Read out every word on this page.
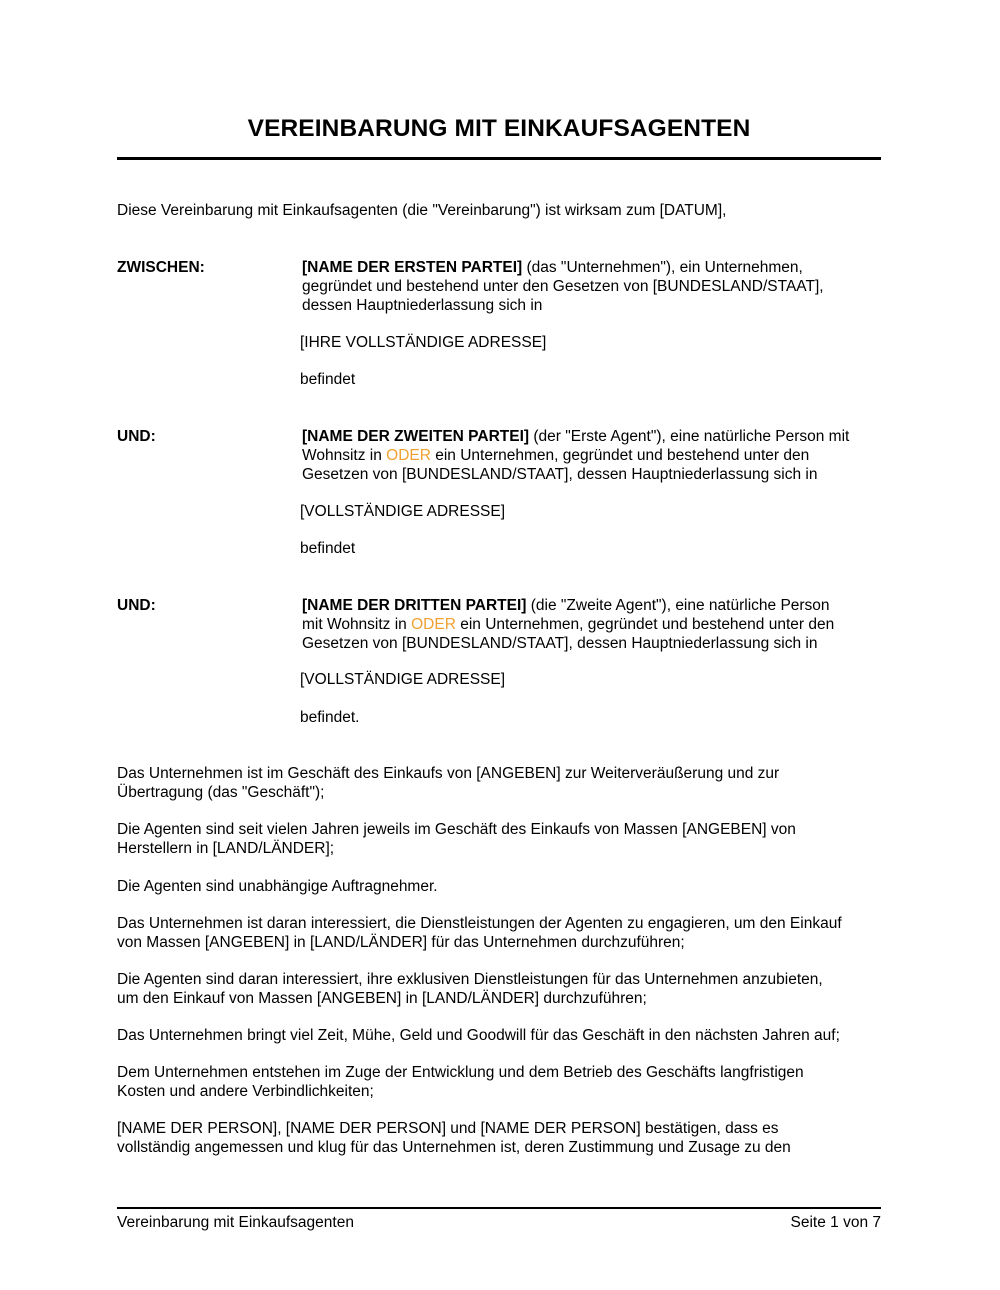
VEREINBARUNG MIT EINKAUFSAGENTEN

Diese Vereinbarung mit Einkaufsagenten (die "Vereinbarung") ist wirksam zum [DATUM],

ZWISCHEN:	[NAME DER ERSTEN PARTEI] (das "Unternehmen"), ein Unternehmen,
gegründet und bestehend unter den Gesetzen von [BUNDESLAND/STAAT],
dessen Hauptniederlassung sich in

[IHRE VOLLSTÄNDIGE ADRESSE]
befindet
UND:	[NAME DER ZWEITEN PARTEI] (der "Erste Agent"), eine natürliche Person mit
Wohnsitz in ODER ein Unternehmen, gegründet und bestehend unter den
Gesetzen von [BUNDESLAND/STAAT], dessen Hauptniederlassung sich in

[VOLLSTÄNDIGE ADRESSE]
befindet
UND:	[NAME DER DRITTEN PARTEI] (die "Zweite Agent"), eine natürliche Person
mit Wohnsitz in ODER ein Unternehmen, gegründet und bestehend unter den
Gesetzen von [BUNDESLAND/STAAT], dessen Hauptniederlassung sich in

[VOLLSTÄNDIGE ADRESSE]
befindet.

Das Unternehmen ist im Geschäft des Einkaufs von [ANGEBEN] zur Weiterveräußerung und zur
Übertragung (das "Geschäft");

Die Agenten sind seit vielen Jahren jeweils im Geschäft des Einkaufs von Massen [ANGEBEN] von
Herstellern in [LAND/LÄNDER];

Die Agenten sind unabhängige Auftragnehmer.

Das Unternehmen ist daran interessiert, die Dienstleistungen der Agenten zu engagieren, um den Einkauf
von Massen [ANGEBEN] in [LAND/LÄNDER] für das Unternehmen durchzuführen;

Die Agenten sind daran interessiert, ihre exklusiven Dienstleistungen für das Unternehmen anzubieten,
um den Einkauf von Massen [ANGEBEN] in [LAND/LÄNDER] durchzuführen;

Das Unternehmen bringt viel Zeit, Mühe, Geld und Goodwill für das Geschäft in den nächsten Jahren auf;

Dem Unternehmen entstehen im Zuge der Entwicklung und dem Betrieb des Geschäfts langfristigen
Kosten und andere Verbindlichkeiten;

[NAME DER PERSON], [NAME DER PERSON] und [NAME DER PERSON] bestätigen, dass es
vollständig angemessen und klug für das Unternehmen ist, deren Zustimmung und Zusage zu den

Vereinbarung mit Einkaufsagenten	Seite 1 von 7
